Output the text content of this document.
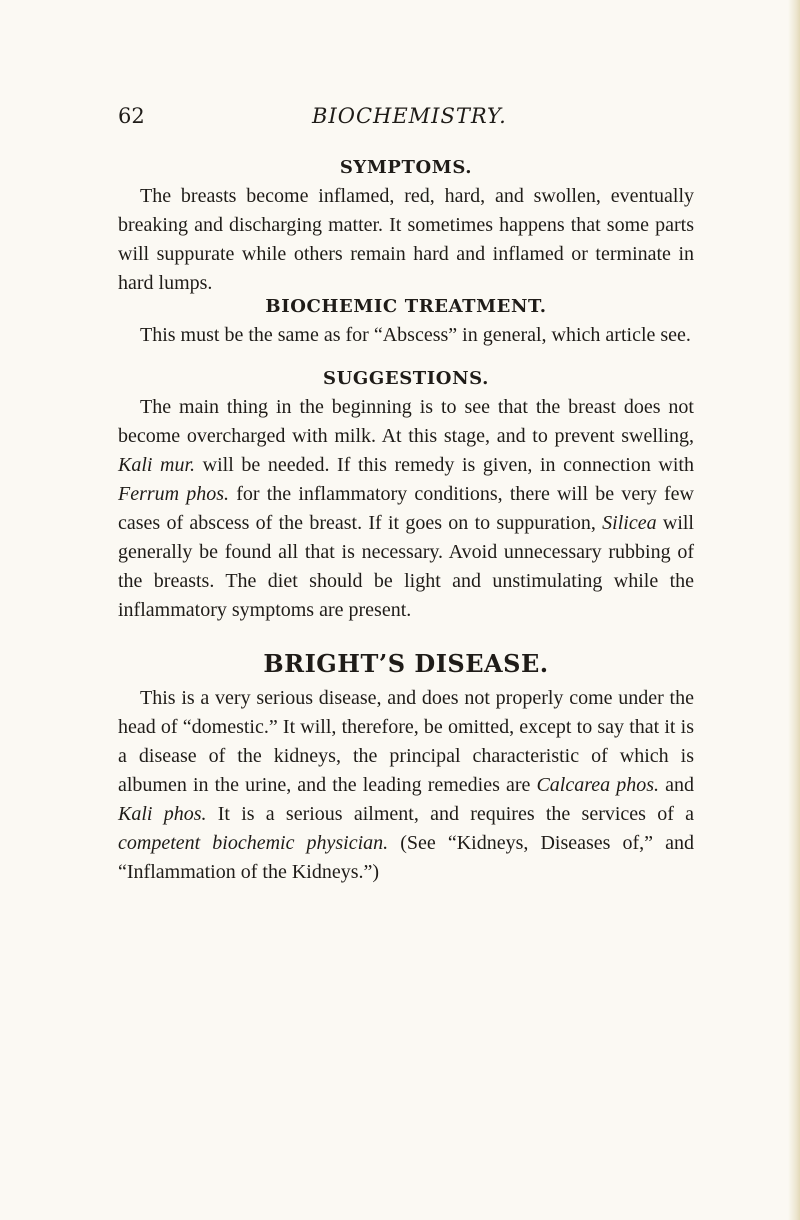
62	BIOCHEMISTRY.
SYMPTOMS.

The breasts become inflamed, red, hard, and swollen, eventually breaking and discharging matter. It sometimes happens that some parts will suppurate while others remain hard and inflamed or terminate in hard lumps.

BIOCHEMIC TREATMENT.

This must be the same as for “Abscess” in general, which article see.

SUGGESTIONS.

The main thing in the beginning is to see that the breast does not become overcharged with milk. At this stage, and to prevent swelling, Kali mur. will be needed. If this remedy is given, in connection with Ferrum phos. for the inflammatory conditions, there will be very few cases of abscess of the breast. If it goes on to suppuration, Silicea will generally be found all that is necessary. Avoid unnecessary rubbing of the breasts. The diet should be light and unstimulating while the inflammatory symptoms are present.

BRIGHT’S DISEASE.

This is a very serious disease, and does not properly come under the head of “domestic.” It will, therefore, be omitted, except to say that it is a disease of the kidneys, the principal characteristic of which is albumen in the urine, and the leading remedies are Calcarea phos. and Kali phos. It is a serious ailment, and requires the services of a competent biochemic physician. (See “Kidneys, Diseases of,” and “Inflammation of the Kidneys.”)
